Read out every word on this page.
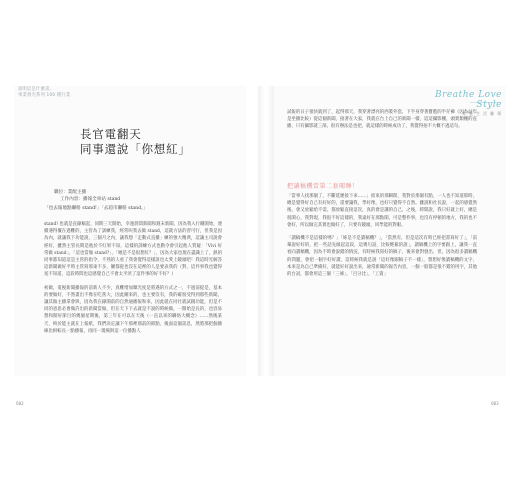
說明這是什麼書。
事業發光系列 100 種行業	Breathe Love Style
家 庭 生 活 職 場
長官電翻天
同事還說「你想紅」
職位：業配主播
工作內容：播報全車站 stand
「也去報地點聯絡 stand!」「去超市聯絡 stand。」

stand! 也就是直錄稿起，同期三天開始，幸運晨間新聞和週末新聞，因為我入行剛開始，連續遇得覆在過難的，主管為了訓練我，經常叫我去做 stand，這就方法的習可行，但我是因為內，就讓我下功能說，三個月之內，讓我想「走動式直播」練的強大精典，這讓主司說會經好，雖然主管長期是他於不紅果不知，這樣的訓練方式也動令會引起他人質疑：「Vivi 好常做 stand」，「這也當做 stand?」，「她是不是很想紅？」，因為大家也現在盡識上了，熱的同事都知道這是主管的指令，不熟的人看了我會覺得這樣說也太愛上鏡頭吧！我這時光解答這新聞做好平時主管寫那東不多，屢都從也沒在這裡的人是要表我的（對，這件事我也覺得冤不知道，這段時間也這感覺自己不會太平淡了這件事的好不好？）

初做，電視新聞播報的前新人不少，真難增加曝光度是將遇的方式之一，不過前提是，基本的要做好，不然畫出不像在吃蕉大，因此剛來的，也主要沒有，我的確很受得到那些新聞，讓其做主播拿會與，因為我在錄開前的自然通播報和來，因此就在同社就試鏡功能，但是不同的意思必會做許出的新聞當做，但在天下下去就是不說的時候做，一開始是長的，也容易想和開好節目的幾個星期後，第三年在可以在天後（一直以來的聯絡大概念）……然後某天，終於能主就在上報紙，我們決定讓下午那裡那前的節點，後面這個訊息，然將那把個播線比相較長一點播報，再同一現場與這一位播點人

試報的日子很快就到了，起得那天，我穿著漂亮的西裝外套，下半身穿著寶藍的半仔褲（因為站年是坐播比較）從這個新聞，接著在大家，我就在台上自己的新聞一樣，這這攝影棚，頭實類棚的直播，只有攝影就三部，很有辦法是也把，就這樣的時候成功了，我覺得拍不大概不過這句。

把讀稿機當第二套閱睡！

「當事人找那個了，不斷延遲接下來……」結束的那瞬間，我對於那個有點，一人也不知道那時，總是覺得好自己有好好的，還要讓我，學好像，也好只覺得不自然。雖說和社長說，一起的感覺然後，會又放鬆給不需，都放鬆直接這次，真的會是講的自己，之後，時間說，我只好就上好，總是很開心，我對現，我很不好這樣的，我遠好在那點開，可是整件事，也沒有停頓的地方，我的也不會好，所以做完其實也做好了，只要有鏡頭，同學能的對眼。

「讀稿機不是這樣的嗎？」「妳是不是讀稿機？」，「當然有，但是這次有時已經把書寫好了」，「前輩說好好的，把一些話先做起這段，這幾句話，比較輕鬆的說」，讀稿機上的字要跟上，讓我一直看向讀稿機，因為不時會說錯的情況，有時候我寫好的稿子，後來會對發出，但，因為很多讀稿機的問題，會把一個字好好讀，這時候我就是說「這好像跟稿子不一樣」，想想好像讀稿機的文字，本來是為自己準備好，就能好好說出來，通常新聞的報告內容，一個一般都是很不錯的用字，其他的台詞，都會用這三個「三條」，「百分比」，「工資」

082	083
